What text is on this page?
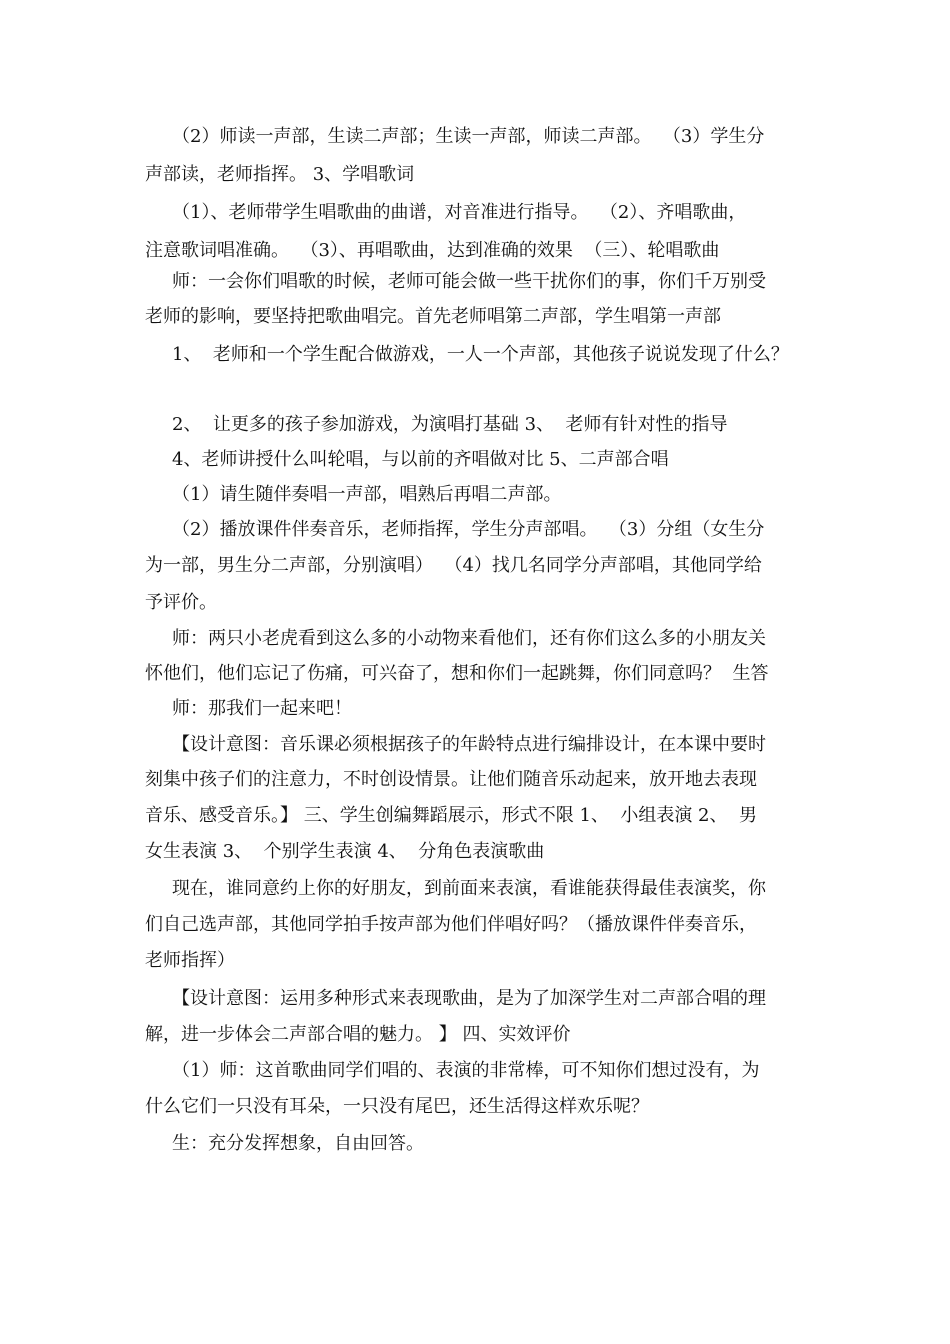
（2）师读一声部，生读二声部；生读一声部，师读二声部。  （3）学生分
声部读，老师指挥。 3、学唱歌词
（1）、老师带学生唱歌曲的曲谱，对音准进行指导。  （2）、齐唱歌曲，
注意歌词唱准确。  （3）、再唱歌曲，达到准确的效果  （三）、轮唱歌曲
师：一会你们唱歌的时候，老师可能会做一些干扰你们的事，你们千万别受
老师的影响，要坚持把歌曲唱完。首先老师唱第二声部，学生唱第一声部
1、  老师和一个学生配合做游戏，一人一个声部，其他孩子说说发现了什么？
2、  让更多的孩子参加游戏，为演唱打基础 3、  老师有针对性的指导
4、老师讲授什么叫轮唱，与以前的齐唱做对比 5、二声部合唱
（1）请生随伴奏唱一声部，唱熟后再唱二声部。
（2）播放课件伴奏音乐，老师指挥，学生分声部唱。  （3）分组（女生分
为一部，男生分二声部，分别演唱）  （4）找几名同学分声部唱，其他同学给
予评价。
师：两只小老虎看到这么多的小动物来看他们，还有你们这么多的小朋友关
怀他们，他们忘记了伤痛，可兴奋了，想和你们一起跳舞，你们同意吗？  生答
师：那我们一起来吧！
【设计意图：音乐课必须根据孩子的年龄特点进行编排设计，在本课中要时
刻集中孩子们的注意力，不时创设情景。让他们随音乐动起来，放开地去表现
音乐、感受音乐。】 三、学生创编舞蹈展示，形式不限 1、  小组表演 2、  男
女生表演 3、  个别学生表演 4、  分角色表演歌曲
现在，谁同意约上你的好朋友，到前面来表演，看谁能获得最佳表演奖，你
们自己选声部，其他同学拍手按声部为他们伴唱好吗？（播放课件伴奏音乐，
老师指挥）
【设计意图：运用多种形式来表现歌曲，是为了加深学生对二声部合唱的理
解，进一步体会二声部合唱的魅力。 】 四、实效评价
（1）师：这首歌曲同学们唱的、表演的非常棒，可不知你们想过没有，为
什么它们一只没有耳朵，一只没有尾巴，还生活得这样欢乐呢？
生：充分发挥想象，自由回答。
